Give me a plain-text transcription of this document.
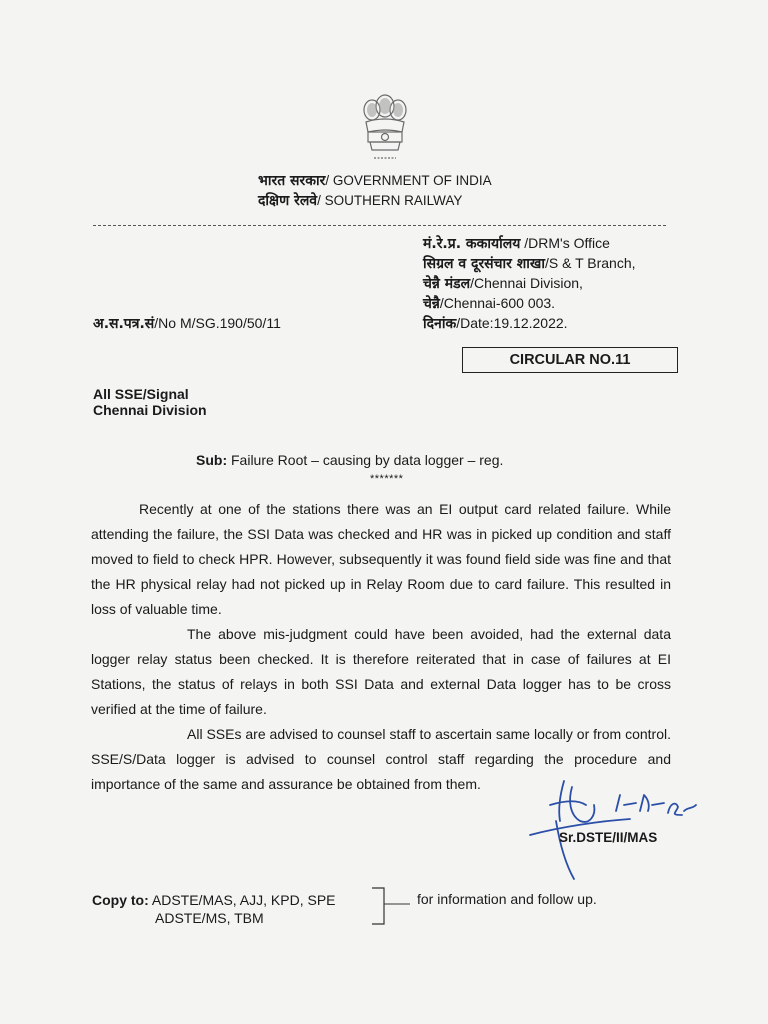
भारत सरकार/ GOVERNMENT OF INDIA
दक्षिण रेलवे/ SOUTHERN RAILWAY
मं.रे.प्र. ककार्यालय /DRM's Office
सिग्रल व दूरसंचार शाखा/S & T Branch,
चेन्नै मंडल/Chennai Division,
चेन्नै/Chennai-600 003.
दिनांक/Date:19.12.2022.
अ.स.पत्र.सं/No M/SG.190/50/11
CIRCULAR NO.11
All SSE/Signal
Chennai Division
Sub: Failure Root – causing by data logger – reg.
*******
Recently at one of the stations there was an EI output card related failure. While attending the failure, the SSI Data was checked and HR was in picked up condition and staff moved to field to check HPR. However, subsequently it was found field side was fine and that the HR physical relay had not picked up in Relay Room due to card failure. This resulted in loss of valuable time.
The above mis-judgment could have been avoided, had the external data logger relay status been checked. It is therefore reiterated that in case of failures at EI Stations, the status of relays in both SSI Data and external Data logger has to be cross verified at the time of failure.
All SSEs are advised to counsel staff to ascertain same locally or from control. SSE/S/Data logger is advised to counsel control staff regarding the procedure and importance of the same and assurance be obtained from them.
Sr.DSTE/II/MAS
Copy to: ADSTE/MAS, AJJ, KPD, SPE
ADSTE/MS, TBM
for information and follow up.
